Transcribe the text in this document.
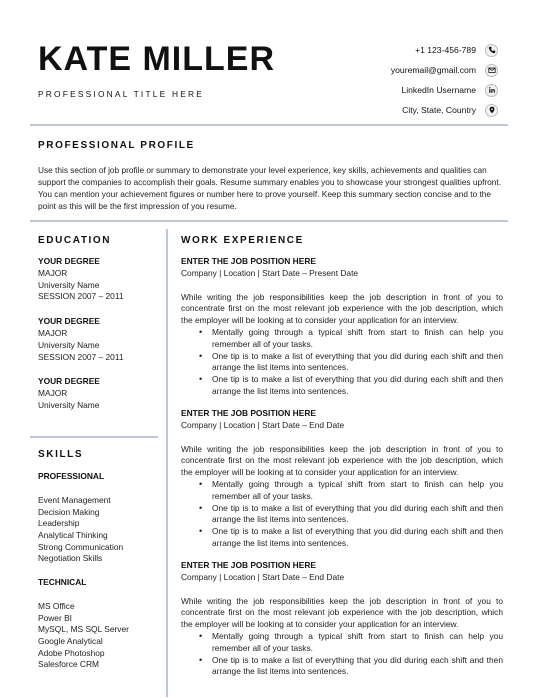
KATE MILLER
PROFESSIONAL TITLE HERE
+1 123-456-789
youremail@gmail.com
LinkedIn Username
City, State, Country
PROFESSIONAL PROFILE
Use this section of job profile or summary to demonstrate your level experience, key skills, achievements and qualities can support the companies to accomplish their goals. Resume summary enables you to showcase your strongest qualities upfront. You can mention your achievement figures or number here to prove yourself. Keep this summary section concise and to the point as this will be the first impression of you resume.
EDUCATION
YOUR DEGREE
MAJOR
University Name
SESSION 2007 – 2011
YOUR DEGREE
MAJOR
University Name
SESSION 2007 – 2011
YOUR DEGREE
MAJOR
University Name
SKILLS
PROFESSIONAL
Event Management
Decision Making
Leadership
Analytical Thinking
Strong Communication
Negotiation Skills
TECHNICAL
MS Office
Power BI
MySQL, MS SQL Server
Google Analytical
Adobe Photoshop
Salesforce CRM
WORK EXPERIENCE
ENTER THE JOB POSITION HERE
Company | Location | Start Date – Present Date
While writing the job responsibilities keep the job description in front of you to concentrate first on the most relevant job experience with the job description, which the employer will be looking at to consider your application for an interview.
• Mentally going through a typical shift from start to finish can help you remember all of your tasks.
• One tip is to make a list of everything that you did during each shift and then arrange the list items into sentences.
• One tip is to make a list of everything that you did during each shift and then arrange the list items into sentences.
ENTER THE JOB POSITION HERE
Company | Location | Start Date – End Date
While writing the job responsibilities keep the job description in front of you to concentrate first on the most relevant job experience with the job description, which the employer will be looking at to consider your application for an interview.
• Mentally going through a typical shift from start to finish can help you remember all of your tasks.
• One tip is to make a list of everything that you did during each shift and then arrange the list items into sentences.
• One tip is to make a list of everything that you did during each shift and then arrange the list items into sentences.
ENTER THE JOB POSITION HERE
Company | Location | Start Date – End Date
While writing the job responsibilities keep the job description in front of you to concentrate first on the most relevant job experience with the job description, which the employer will be looking at to consider your application for an interview.
• Mentally going through a typical shift from start to finish can help you remember all of your tasks.
• One tip is to make a list of everything that you did during each shift and then arrange the list items into sentences.
